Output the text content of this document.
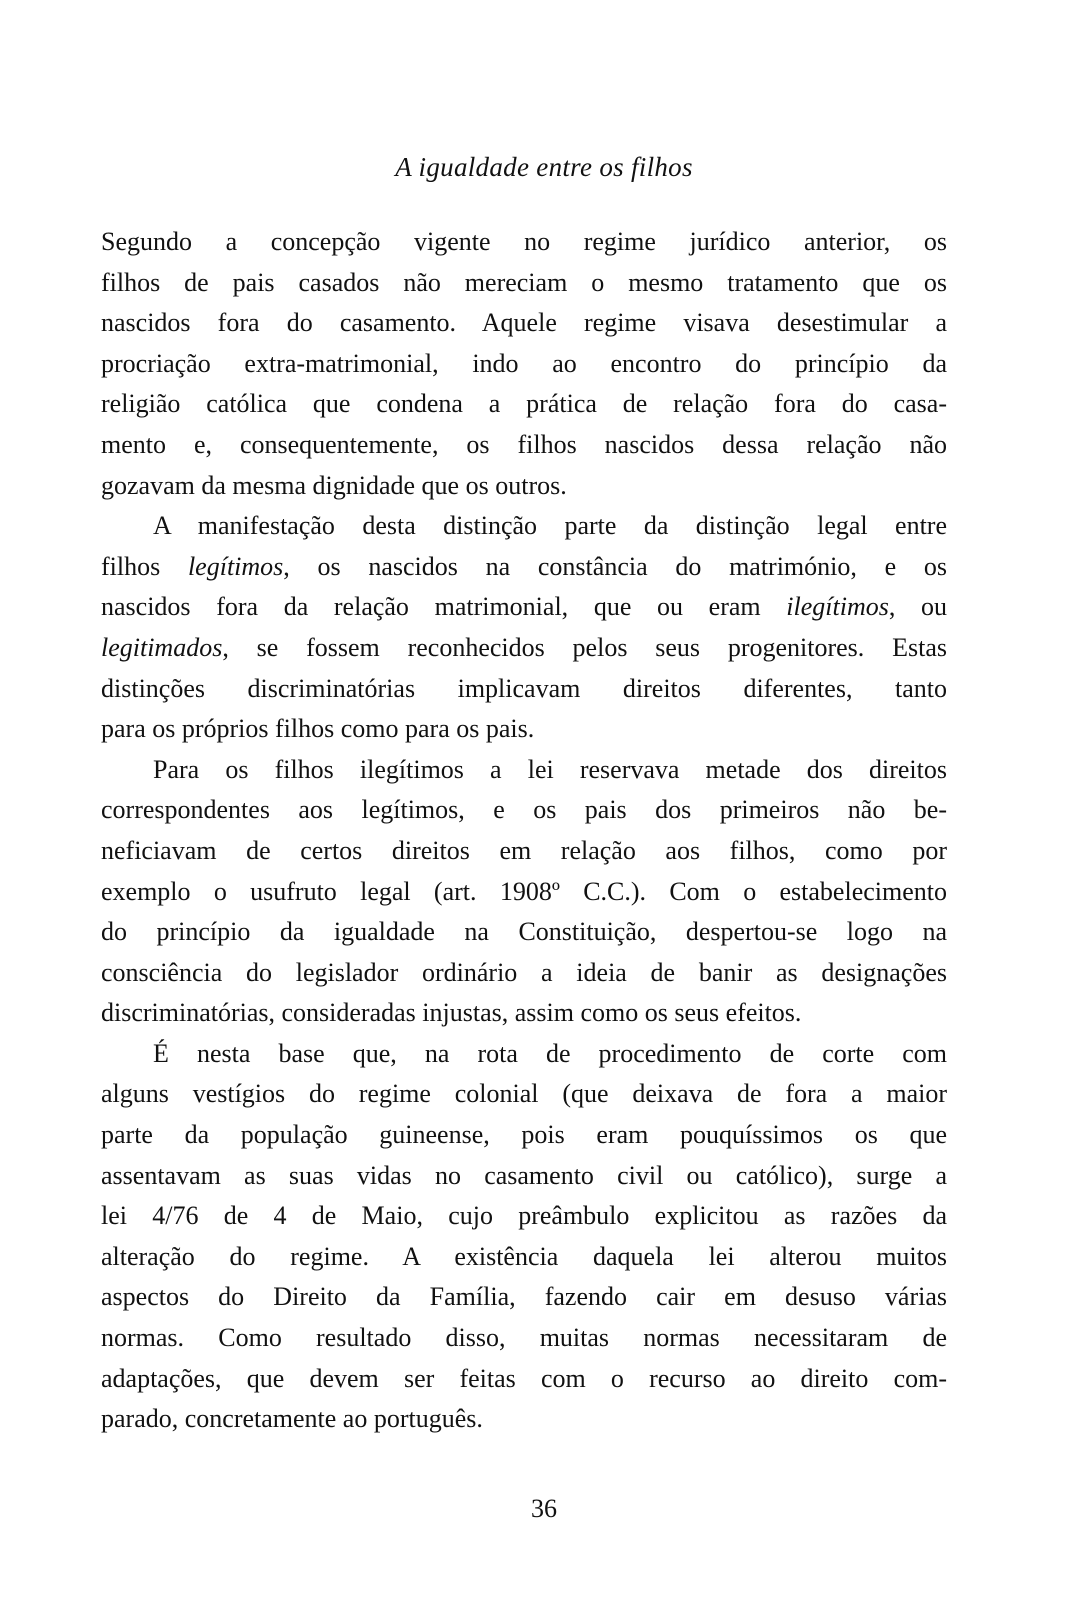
A igualdade entre os filhos
Segundo a concepção vigente no regime jurídico anterior, os
filhos de pais casados não mereciam o mesmo tratamento que os
nascidos fora do casamento. Aquele regime visava desestimular a
procriação extra-matrimonial, indo ao encontro do princípio da
religião católica que condena a prática de relação fora do casa-
mento e, consequentemente, os filhos nascidos dessa relação não
gozavam da mesma dignidade que os outros.
A manifestação desta distinção parte da distinção legal entre
filhos legítimos, os nascidos na constância do matrimónio, e os
nascidos fora da relação matrimonial, que ou eram ilegítimos, ou
legitimados, se fossem reconhecidos pelos seus progenitores. Estas
distinções discriminatórias implicavam direitos diferentes, tanto
para os próprios filhos como para os pais.
Para os filhos ilegítimos a lei reservava metade dos direitos
correspondentes aos legítimos, e os pais dos primeiros não be-
neficiavam de certos direitos em relação aos filhos, como por
exemplo o usufruto legal (art. 1908º C.C.). Com o estabelecimento
do princípio da igualdade na Constituição, despertou-se logo na
consciência do legislador ordinário a ideia de banir as designações
discriminatórias, consideradas injustas, assim como os seus efeitos.
É nesta base que, na rota de procedimento de corte com
alguns vestígios do regime colonial (que deixava de fora a maior
parte da população guineense, pois eram pouquíssimos os que
assentavam as suas vidas no casamento civil ou católico), surge a
lei 4/76 de 4 de Maio, cujo preâmbulo explicitou as razões da
alteração do regime. A existência daquela lei alterou muitos
aspectos do Direito da Família, fazendo cair em desuso várias
normas. Como resultado disso, muitas normas necessitaram de
adaptações, que devem ser feitas com o recurso ao direito com-
parado, concretamente ao português.
36
